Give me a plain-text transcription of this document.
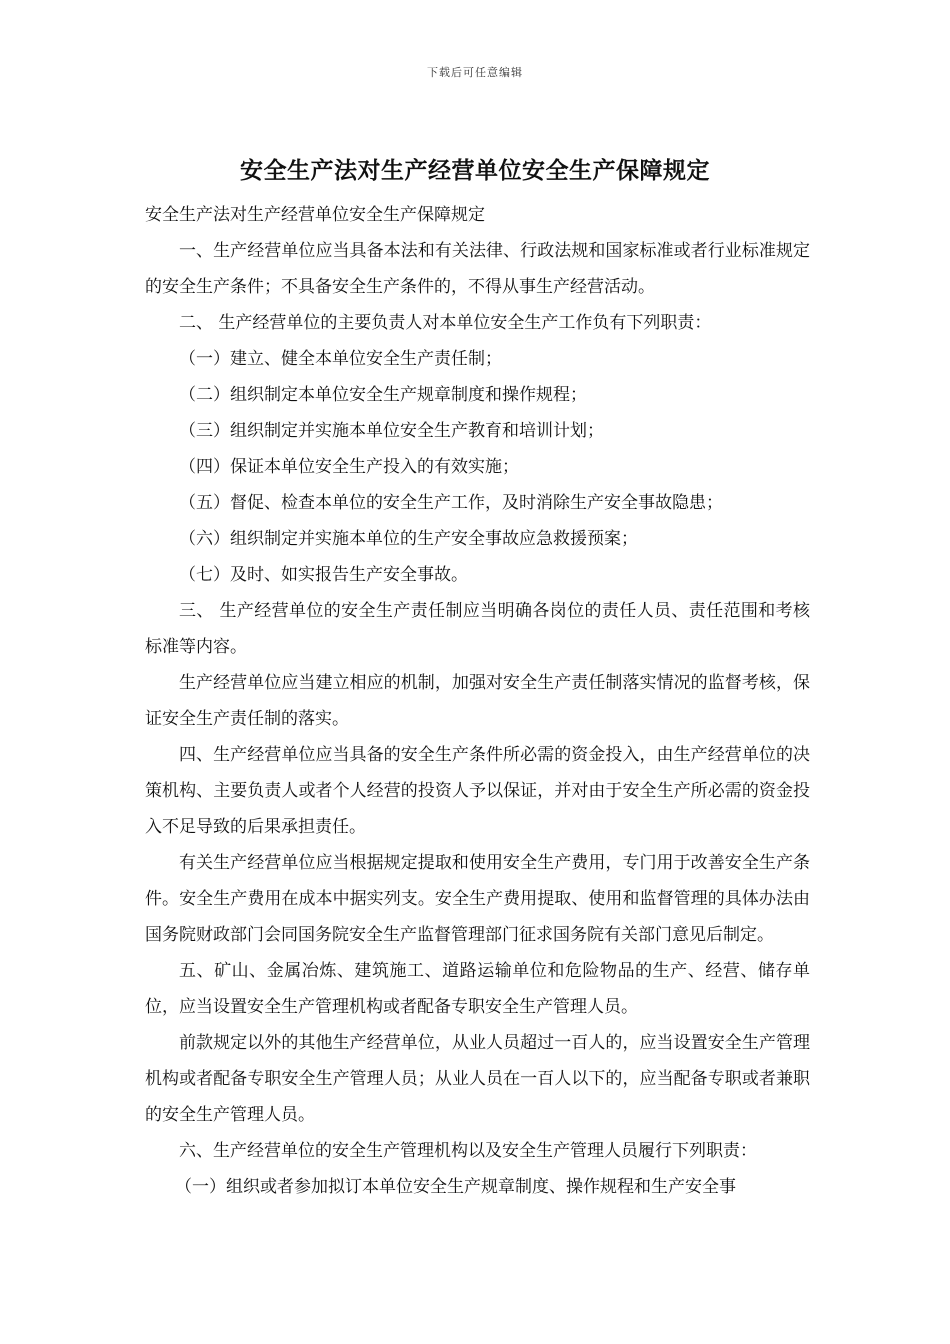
下载后可任意编辑
安全生产法对生产经营单位安全生产保障规定

安全生产法对生产经营单位安全生产保障规定

一、生产经营单位应当具备本法和有关法律、行政法规和国家标准或者行业标准规定的安全生产条件；不具备安全生产条件的，不得从事生产经营活动。

二、 生产经营单位的主要负责人对本单位安全生产工作负有下列职责：

（一）建立、健全本单位安全生产责任制；

（二）组织制定本单位安全生产规章制度和操作规程；

（三）组织制定并实施本单位安全生产教育和培训计划；

（四）保证本单位安全生产投入的有效实施；

（五）督促、检查本单位的安全生产工作，及时消除生产安全事故隐患；

（六）组织制定并实施本单位的生产安全事故应急救援预案；

（七）及时、如实报告生产安全事故。

三、 生产经营单位的安全生产责任制应当明确各岗位的责任人员、责任范围和考核标准等内容。

生产经营单位应当建立相应的机制，加强对安全生产责任制落实情况的监督考核，保证安全生产责任制的落实。

四、生产经营单位应当具备的安全生产条件所必需的资金投入，由生产经营单位的决策机构、主要负责人或者个人经营的投资人予以保证，并对由于安全生产所必需的资金投入不足导致的后果承担责任。

有关生产经营单位应当根据规定提取和使用安全生产费用，专门用于改善安全生产条件。安全生产费用在成本中据实列支。安全生产费用提取、使用和监督管理的具体办法由国务院财政部门会同国务院安全生产监督管理部门征求国务院有关部门意见后制定。

五、矿山、金属冶炼、建筑施工、道路运输单位和危险物品的生产、经营、储存单位，应当设置安全生产管理机构或者配备专职安全生产管理人员。

前款规定以外的其他生产经营单位，从业人员超过一百人的，应当设置安全生产管理机构或者配备专职安全生产管理人员；从业人员在一百人以下的，应当配备专职或者兼职的安全生产管理人员。

六、生产经营单位的安全生产管理机构以及安全生产管理人员履行下列职责：

（一）组织或者参加拟订本单位安全生产规章制度、操作规程和生产安全事
